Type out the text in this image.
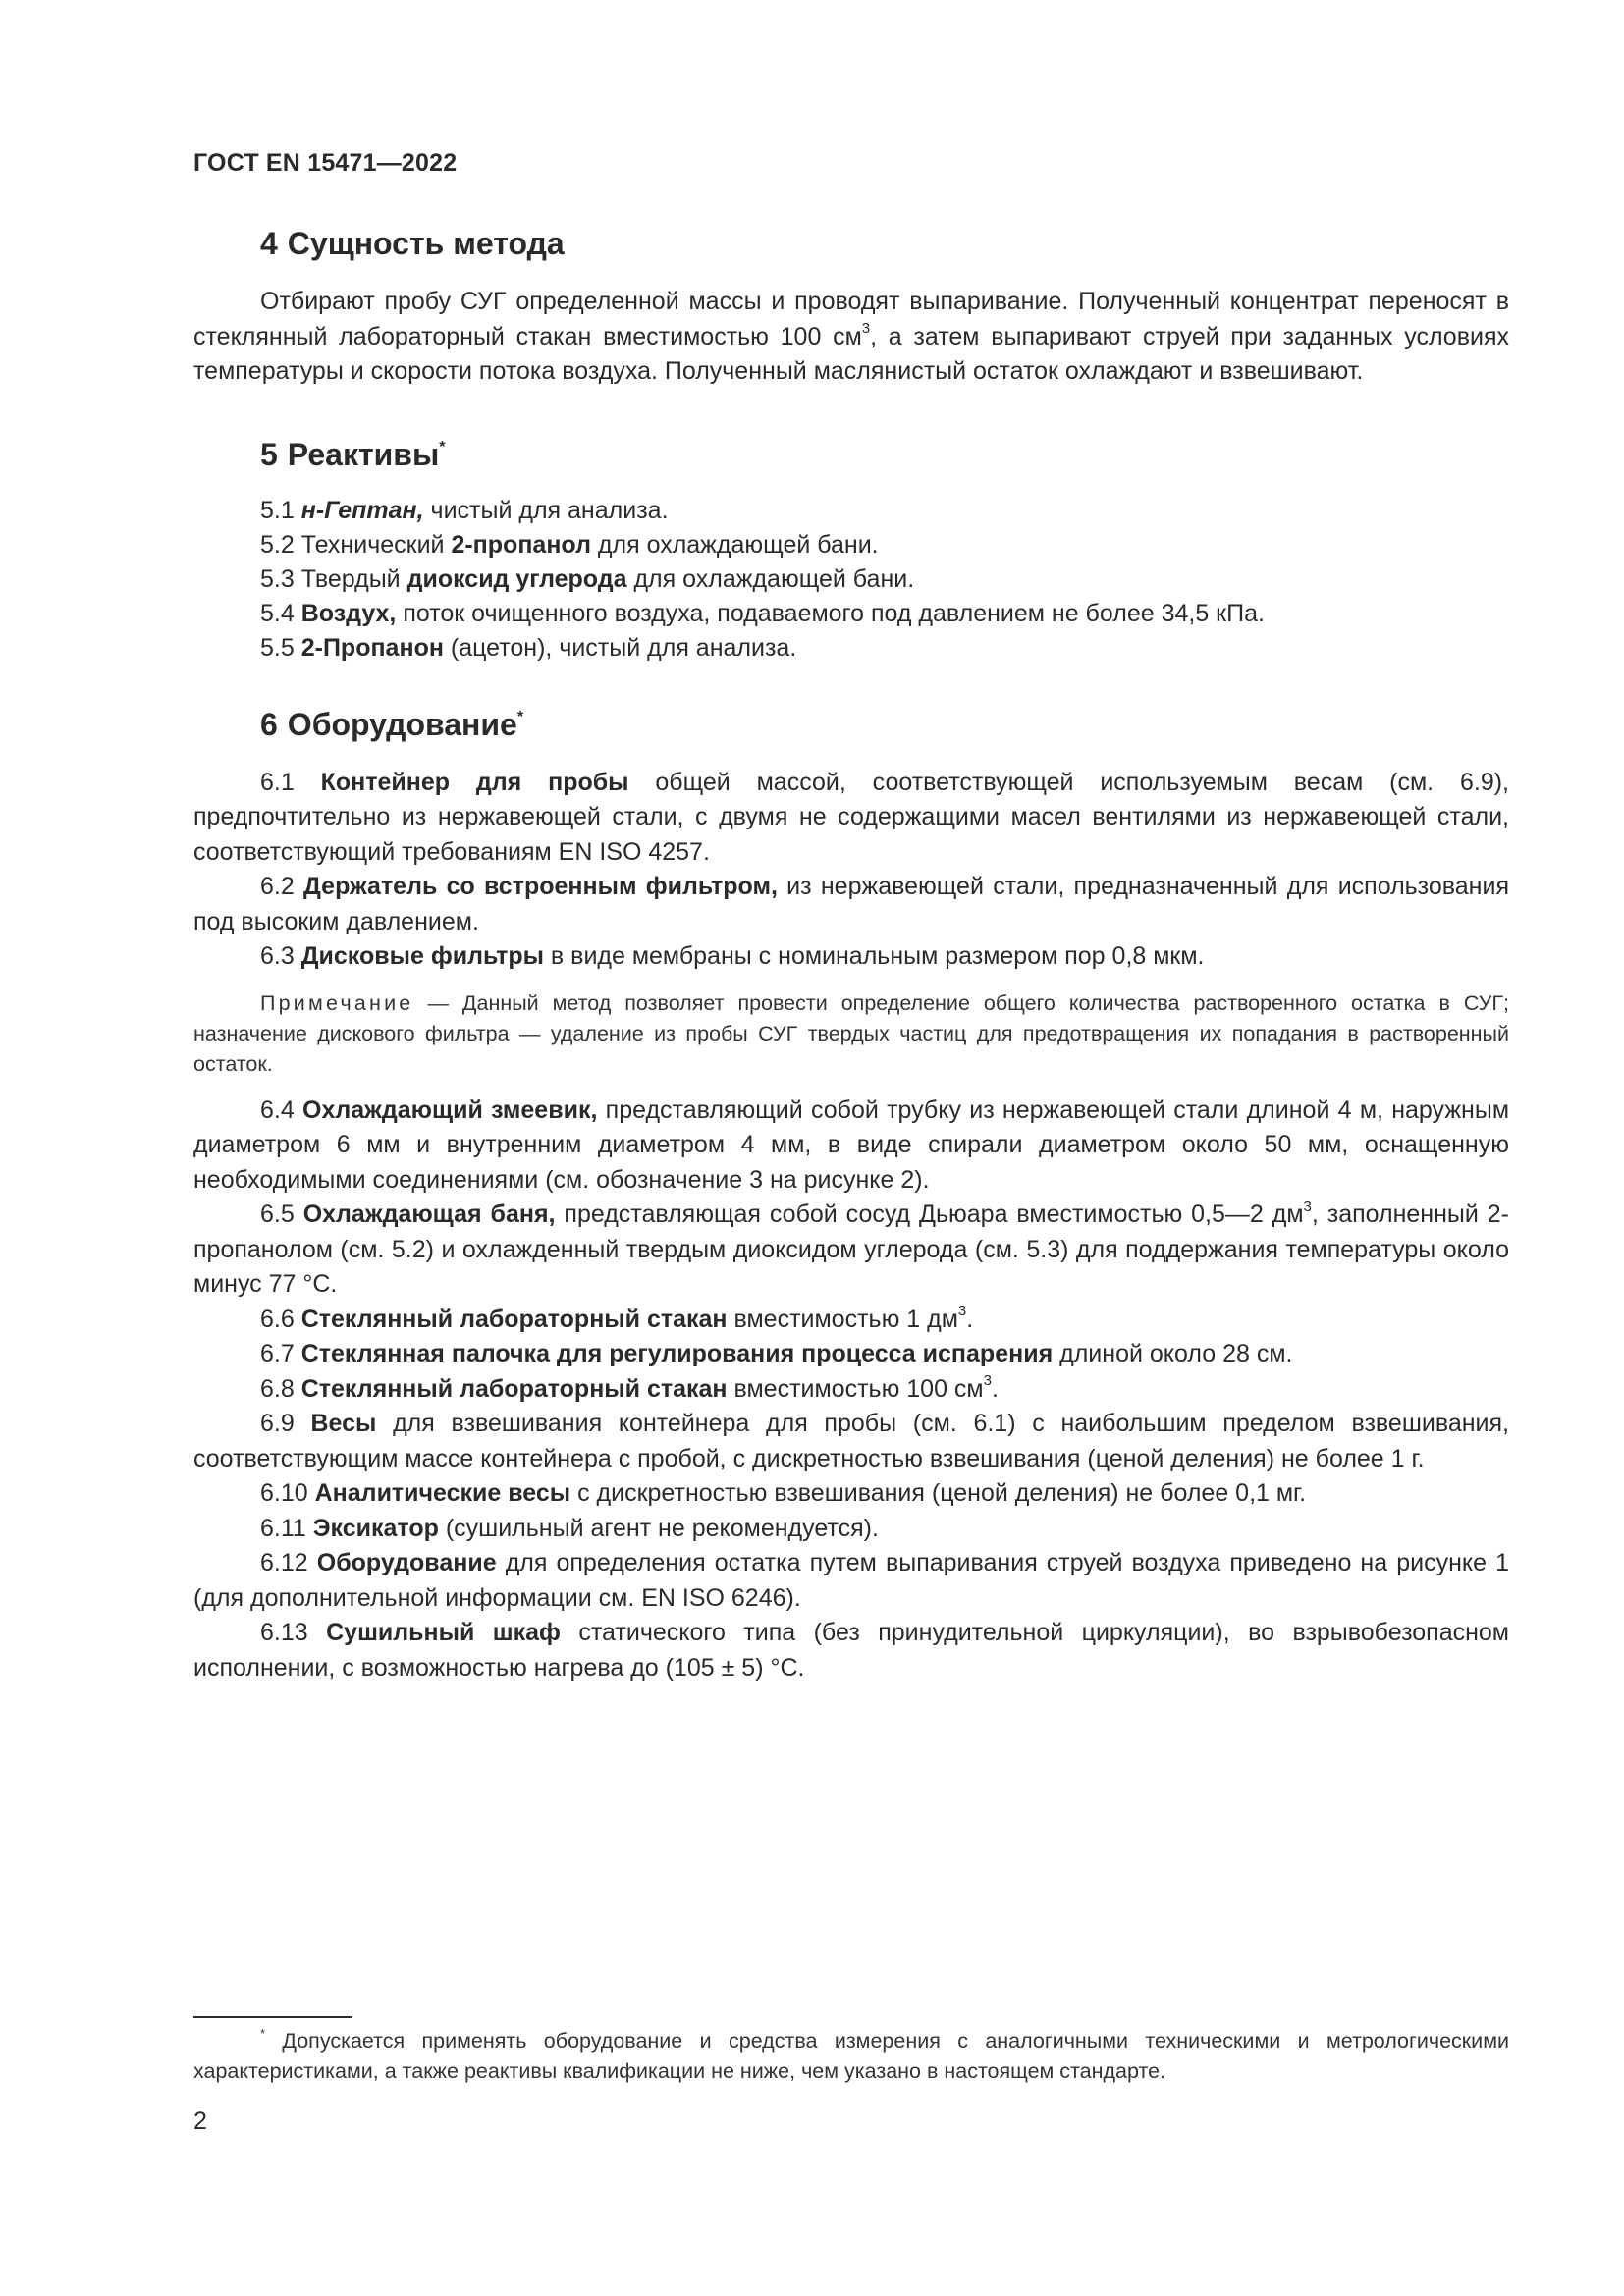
ГОСТ EN 15471—2022
4 Сущность метода

Отбирают пробу СУГ определенной массы и проводят выпаривание. Полученный концентрат переносят в стеклянный лабораторный стакан вместимостью 100 $см^3$, а затем выпаривают струей при заданных условиях температуры и скорости потока воздуха. Полученный маслянистый остаток охлаждают и взвешивают.

5 Реактивы*
5.1 н-Гептан, чистый для анализа.
5.2 Технический 2-пропанол для охлаждающей бани.
5.3 Твердый диоксид углерода для охлаждающей бани.
5.4 Воздух, поток очищенного воздуха, подаваемого под давлением не более 34,5 кПа.
5.5 2-Пропанон (ацетон), чистый для анализа.
6 Оборудование*

6.1 Контейнер для пробы общей массой, соответствующей используемым весам (см. 6.9), предпочтительно из нержавеющей стали, с двумя не содержащими масел вентилями из нержавеющей стали, соответствующий требованиям EN ISO 4257.

6.2 Держатель со встроенным фильтром, из нержавеющей стали, предназначенный для использования под высоким давлением.

6.3 Дисковые фильтры в виде мембраны с номинальным размером пор 0,8 мкм.

Примечание — Данный метод позволяет провести определение общего количества растворенного остатка в СУГ; назначение дискового фильтра — удаление из пробы СУГ твердых частиц для предотвращения их попадания в растворенный остаток.

6.4 Охлаждающий змеевик, представляющий собой трубку из нержавеющей стали длиной 4 м, наружным диаметром 6 мм и внутренним диаметром 4 мм, в виде спирали диаметром около 50 мм, оснащенную необходимыми соединениями (см. обозначение 3 на рисунке 2).

6.5 Охлаждающая баня, представляющая собой сосуд Дьюара вместимостью 0,5—2 $дм^3$, заполненный 2-пропанолом (см. 5.2) и охлажденный твердым диоксидом углерода (см. 5.3) для поддержания температуры около минус 77 °С.

6.6 Стеклянный лабораторный стакан вместимостью 1 $дм^3$.

6.7 Стеклянная палочка для регулирования процесса испарения длиной около 28 см.

6.8 Стеклянный лабораторный стакан вместимостью 100 $см^3$.

6.9 Весы для взвешивания контейнера для пробы (см. 6.1) с наибольшим пределом взвешивания, соответствующим массе контейнера с пробой, с дискретностью взвешивания (ценой деления) не более 1 г.

6.10 Аналитические весы с дискретностью взвешивания (ценой деления) не более 0,1 мг.

6.11 Эксикатор (сушильный агент не рекомендуется).

6.12 Оборудование для определения остатка путем выпаривания струей воздуха приведено на рисунке 1 (для дополнительной информации см. EN ISO 6246).

6.13 Сушильный шкаф статического типа (без принудительной циркуляции), во взрывобезопасном исполнении, с возможностью нагрева до (105 ± 5) °С.

* Допускается применять оборудование и средства измерения с аналогичными техническими и метрологическими характеристиками, а также реактивы квалификации не ниже, чем указано в настоящем стандарте.
2
